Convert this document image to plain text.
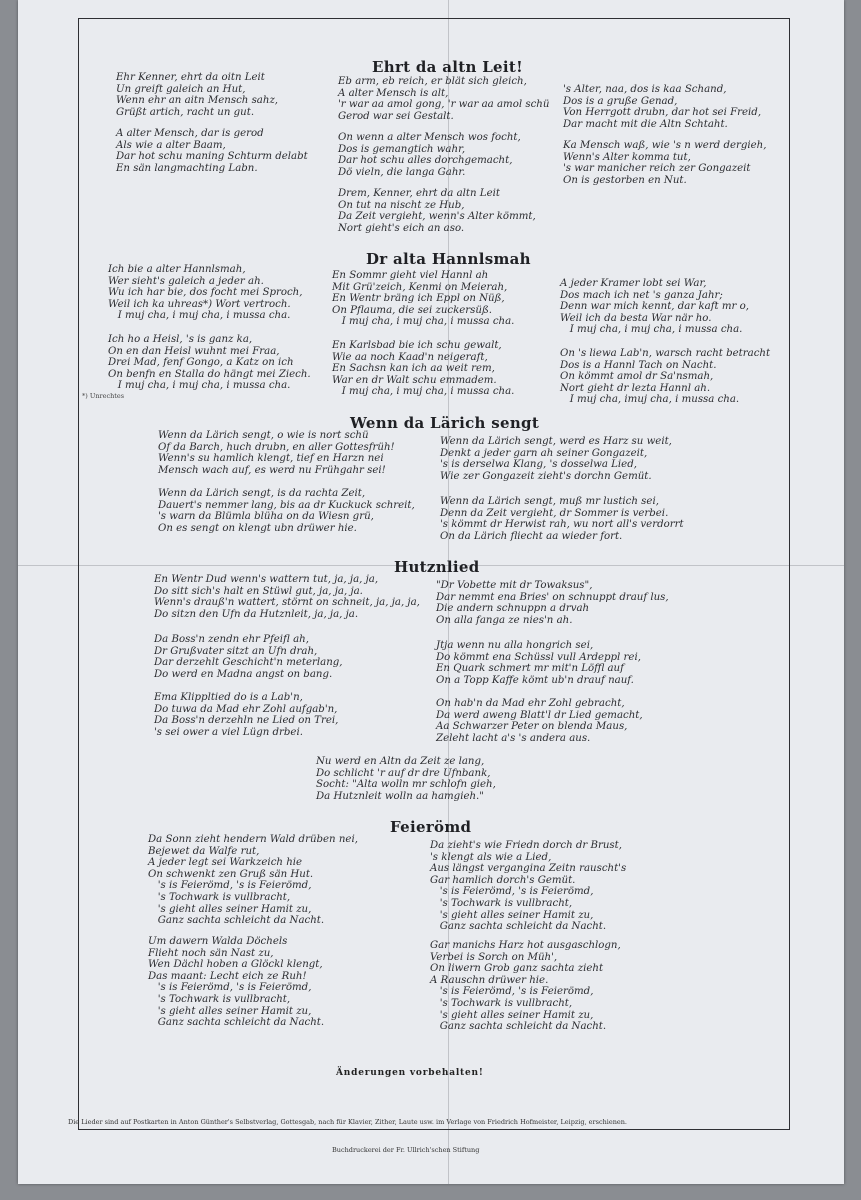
Ehrt da altn Leit!
Ehr Kenner, ehrt da oitn Leit
Un greift galeich an Hut,
Wenn ehr an aitn Mensch sahz,
Grüßt artich, racht un gut.
A alter Mensch, dar is gerod
Als wie a alter Baam,
Dar hot schu maning Schturm delabt
En sän langmachting Labn.
Eb arm, eb reich, er blät sich gleich,
A alter Mensch is alt,
'r war aa amol gong, 'r war aa amol schü
Gerod war sei Gestalt.
On wenn a alter Mensch wos focht,
Dos is gemangtich wahr,
Dar hot schu alles dorchgemacht,
Dö vieln, die langa Gahr.
Drem, Kenner, ehrt da altn Leit
On tut na nischt ze Hub,
Da Zeit vergieht, wenn's Alter kömmt,
Nort gieht's eich an aso.
's Alter, naa, dos is kaa Schand,
Dos is a gruße Genad,
Von Herrgott drubn, dar hot sei Freid,
Dar macht mit die Altn Schtaht.
Ka Mensch waß, wie 's n werd dergieh,
Wenn's Alter komma tut,
's war manicher reich zer Gongazeit
On is gestorben en Nut.
Dr alta Hannlsmah
Ich bie a alter Hannlsmah,
Wer sieht's galeich a jeder ah.
Wu ich har bie, dos focht mei Sproch,
Weil ich ka uhreas*) Wort vertroch.
I muj cha, i muj cha, i mussa cha.
Ich ho a Heisl, 's is ganz ka,
On en dan Heisl wuhnt mei Fraa,
Drei Mad, fenf Gongo, a Katz on ich
On benfn en Stalla do hängt mei Ziech.
I muj cha, i muj cha, i mussa cha.
En Sommr gieht viel Hannl ah
Mit Grü'zeich, Kenmi on Meierah,
En Wentr bräng ich Eppl on Nüß,
On Pflauma, die sei zuckersüß.
I muj cha, i muj cha, i mussa cha.
En Karlsbad bie ich schu gewalt,
Wie aa noch Kaad'n neigeraft,
En Sachsn kan ich aa weit rem,
War en dr Walt schu emmadem.
I muj cha, i muj cha, i mussa cha.
A jeder Kramer lobt sei War,
Dos mach ich net 's ganza Jahr;
Denn war mich kennt, dar kaft mr o,
Weil ich da besta War när ho.
I muj cha, i muj cha, i mussa cha.
On 's liewa Lab'n, warsch racht betracht
Dos is a Hannl Tach on Nacht.
On kömmt amol dr Sa'nsmah,
Nort gieht dr lezta Hannl ah.
I muj cha, imuj cha, i mussa cha.
*) Unrechtes
Wenn da Lärich sengt
Wenn da Lärich sengt, o wie is nort schü
Of da Barch, huch drubn, en aller Gottesfrüh!
Wenn's su hamlich klengt, tief en Harzn nei
Mensch wach auf, es werd nu Frühgahr sei!
Wenn da Lärich sengt, is da rachta Zeit,
Dauert's nemmer lang, bis aa dr Kuckuck schreit,
's warn da Blümla blüha on da Wiesn grü,
On es sengt on klengt ubn drüwer hie.
Wenn da Lärich sengt, werd es Harz su weit,
Denkt a jeder garn ah seiner Gongazeit,
's is derselwa Klang, 's dosselwa Lied,
Wie zer Gongazeit zieht's dorchn Gemüt.
Wenn da Lärich sengt, muß mr lustich sei,
Denn da Zeit vergieht, dr Sommer is verbei.
's kömmt dr Herwist rah, wu nort all's verdorrt
On da Lärich fliecht aa wieder fort.
Hutznlied
En Wentr Dud wenn's wattern tut, ja, ja, ja,
Do sitt sich's halt en Stüwl gut, ja, ja, ja.
Wenn's drauß'n wattert, störnt on schneit, ja, ja, ja,
Do sitzn den Ufn da Hutznleit, ja, ja, ja.
Da Boss'n zendn ehr Pfeifl ah,
Dr Grußvater sitzt an Ufn drah,
Dar derzehlt Geschicht'n meterlang,
Do werd en Madna angst on bang.
Ema Klippltied do is a Lab'n,
Do tuwa da Mad ehr Zohl aufgab'n,
Da Boss'n derzehln ne Lied on Trei,
's sei ower a viel Lügn drbei.
"Dr Vobette mit dr Towaksus",
Dar nemmt ena Bries' on schnuppt drauf lus,
Die andern schnuppn a drvah
On alla fanga ze nies'n ah.
Jtja wenn nu alla hongrich sei,
Do kömmt ena Schüssl vull Ardeppl rei,
En Quark schmert mr mit'n Löffl auf
On a Topp Kaffe kömt ub'n drauf nauf.
On hab'n da Mad ehr Zohl gebracht,
Da werd aweng Blatt'l dr Lied gemacht,
Aa Schwarzer Peter on blenda Maus,
Zeleht lacht a's 's andera aus.
Nu werd en Altn da Zeit ze lang,
Do schlicht 'r auf dr dre Ufnbank,
Socht: "Alta wolln mr schlofn gieh,
Da Hutznleit wolln aa hamgieh."
Feierömd
Da Sonn zieht hendern Wald drüben nei,
Bejewet da Walfe rut,
A jeder legt sei Warkzeich hie
On schwenkt zen Gruß sän Hut.
's is Feierömd, 's is Feierömd,
's Tochwark is vullbracht,
's gieht alles seiner Hamit zu,
Ganz sachta schleicht da Nacht.
Um dawern Walda Döchels
Flieht noch sän Nast zu,
Wen Dächl hoben a Glöckl klengt,
Das maant: Lecht eich ze Ruh!
's is Feierömd, 's is Feierömd,
's Tochwark is vullbracht,
's gieht alles seiner Hamit zu,
Ganz sachta schleicht da Nacht.
Da zieht's wie Friedn dorch dr Brust,
's klengt als wie a Lied,
Aus längst vergangina Zeitn rauscht's
Gar hamlich dorch's Gemüt.
's is Feierömd, 's is Feierömd,
's Tochwark is vullbracht,
's gieht alles seiner Hamit zu,
Ganz sachta schleicht da Nacht.
Gar manichs Harz hot ausgaschlogn,
Verbei is Sorch on Müh',
On liwern Grob ganz sachta zieht
A Rauschn drüwer hie.
's is Feierömd, 's is Feierömd,
's Tochwark is vullbracht,
's gieht alles seiner Hamit zu,
Ganz sachta schleicht da Nacht.
Änderungen vorbehalten!
Die Lieder sind auf Postkarten in Anton Günther's Selbstverlag, Gottesgab, nach für Klavier, Zither, Laute usw. im Verlage von Friedrich Hofmeister, Leipzig, erschienen.
Buchdruckerei der Fr. Ullrich'schen Stiftung
